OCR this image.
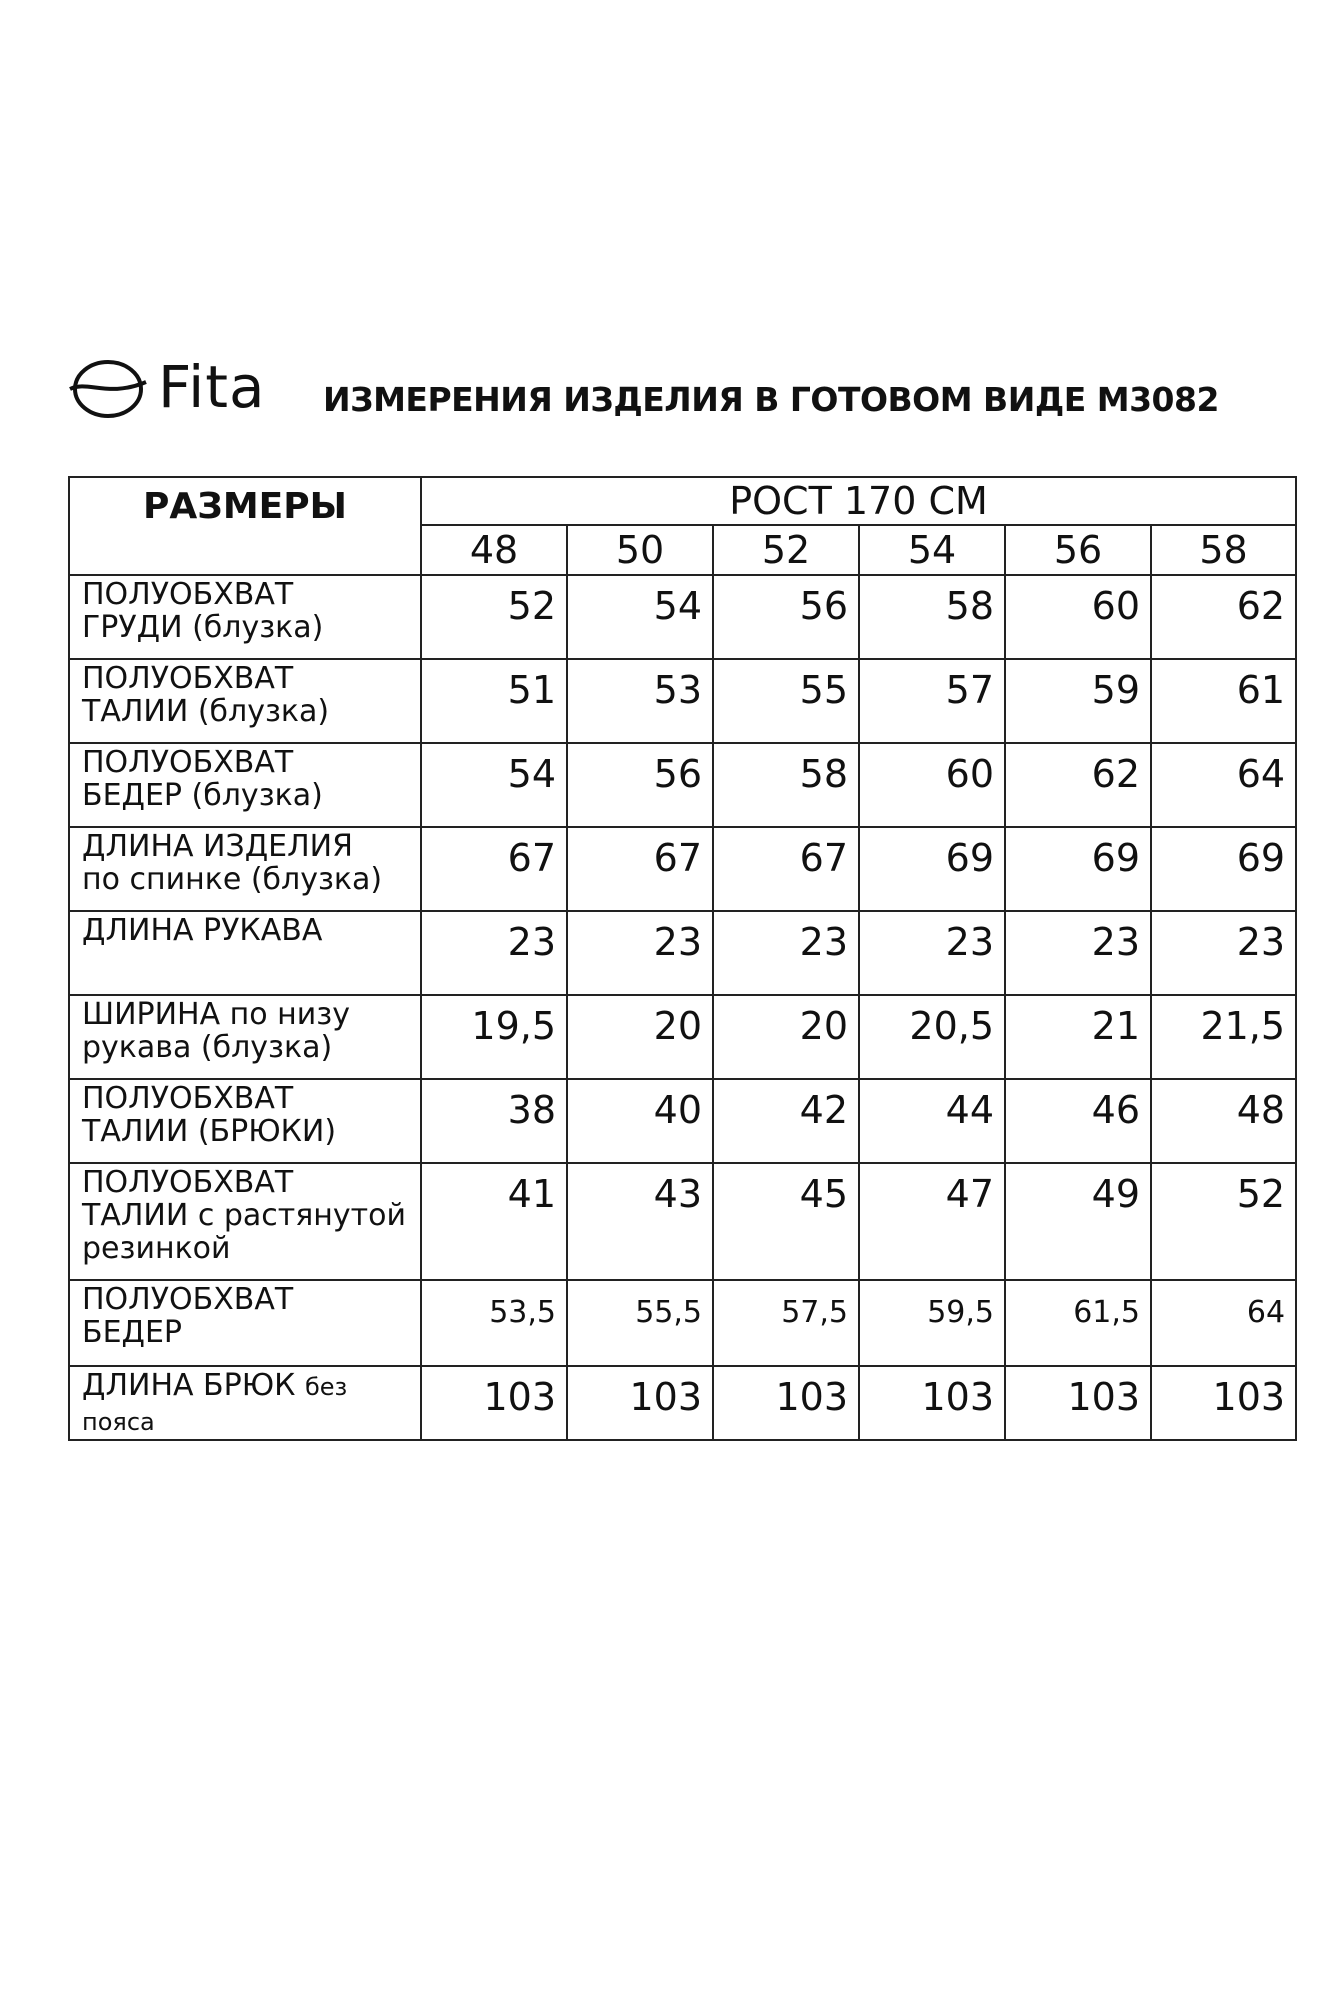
Fita ИЗМЕРЕНИЯ ИЗДЕЛИЯ В ГОТОВОМ ВИДЕ М3082
РАЗМЕРЫ	РОСТ 170 СМ					
	48	50	52	54	56	58
ПОЛУОБХВАТ
ГРУДИ (блузка)	52	54	56	58	60	62
ПОЛУОБХВАТ
ТАЛИИ (блузка)	51	53	55	57	59	61
ПОЛУОБХВАТ
БЕДЕР (блузка)	54	56	58	60	62	64
ДЛИНА ИЗДЕЛИЯ
по спинке (блузка)	67	67	67	69	69	69
ДЛИНА РУКАВА	23	23	23	23	23	23
ШИРИНА по низу
рукава (блузка)	19,5	20	20	20,5	21	21,5
ПОЛУОБХВАТ
ТАЛИИ (БРЮКИ)	38	40	42	44	46	48
ПОЛУОБХВАТ
ТАЛИИ с растянутой
резинкой	41	43	45	47	49	52
ПОЛУОБХВАТ
БЕДЕР	53,5	55,5	57,5	59,5	61,5	64
ДЛИНА БРЮК без
пояса	103	103	103	103	103	103
